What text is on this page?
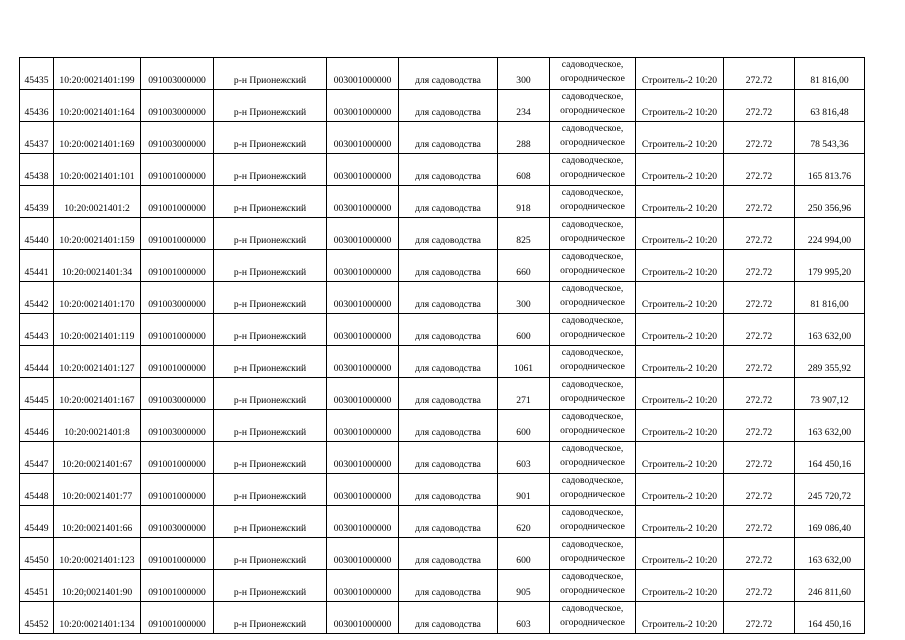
45435	10:20:0021401:199	091003000000	р-н Прионежский	003001000000	для садоводства	300	садоводческое,
огородническое	Строитель-2 10:20	272.72	81 816,00
45436	10:20:0021401:164	091003000000	р-н Прионежский	003001000000	для садоводства	234	садоводческое,
огородническое	Строитель-2 10:20	272.72	63 816,48
45437	10:20:0021401:169	091003000000	р-н Прионежский	003001000000	для садоводства	288	садоводческое,
огородническое	Строитель-2 10:20	272.72	78 543,36
45438	10:20:0021401:101	091001000000	р-н Прионежский	003001000000	для садоводства	608	садоводческое,
огородническое	Строитель-2 10:20	272.72	165 813.76
45439	10:20:0021401:2	091001000000	р-н Прионежский	003001000000	для садоводства	918	садоводческое,
огородническое	Строитель-2 10:20	272.72	250 356,96
45440	10:20:0021401:159	091001000000	р-н Прионежский	003001000000	для садоводства	825	садоводческое,
огородническое	Строитель-2 10:20	272.72	224 994,00
45441	10:20:0021401:34	091001000000	р-н Прионежский	003001000000	для садоводства	660	садоводческое,
огородническое	Строитель-2 10:20	272.72	179 995,20
45442	10:20:0021401:170	091003000000	р-н Прионежский	003001000000	для садоводства	300	садоводческое,
огородническое	Строитель-2 10:20	272.72	81 816,00
45443	10:20:0021401:119	091001000000	р-н Прионежский	003001000000	для садоводства	600	садоводческое,
огородническое	Строитель-2 10:20	272.72	163 632,00
45444	10:20:0021401:127	091001000000	р-н Прионежский	003001000000	для садоводства	1061	садоводческое,
огородническое	Строитель-2 10:20	272.72	289 355,92
45445	10:20:0021401:167	091003000000	р-н Прионежский	003001000000	для садоводства	271	садоводческое,
огородническое	Строитель-2 10:20	272.72	73 907,12
45446	10:20:0021401:8	091003000000	р-н Прионежский	003001000000	для садоводства	600	садоводческое,
огородническое	Строитель-2 10:20	272.72	163 632,00
45447	10:20:0021401:67	091001000000	р-н Прионежский	003001000000	для садоводства	603	садоводческое,
огородническое	Строитель-2 10:20	272.72	164 450,16
45448	10:20:0021401:77	091001000000	р-н Прионежский	003001000000	для садоводства	901	садоводческое,
огородническое	Строитель-2 10:20	272.72	245 720,72
45449	10:20:0021401:66	091003000000	р-н Прионежский	003001000000	для садоводства	620	садоводческое,
огородническое	Строитель-2 10:20	272.72	169 086,40
45450	10:20:0021401:123	091001000000	р-н Прионежский	003001000000	для садоводства	600	садоводческое,
огородническое	Строитель-2 10:20	272.72	163 632,00
45451	10:20;0021401:90	091001000000	р-н Прионежский	003001000000	для садоводства	905	садоводческое,
огородническое	Строитель-2 10:20	272.72	246 811,60
45452	10:20:0021401:134	091001000000	р-н Прионежский	003001000000	для садоводства	603	садоводческое,
огородническое	Строитель-2 10:20	272.72	164 450,16
